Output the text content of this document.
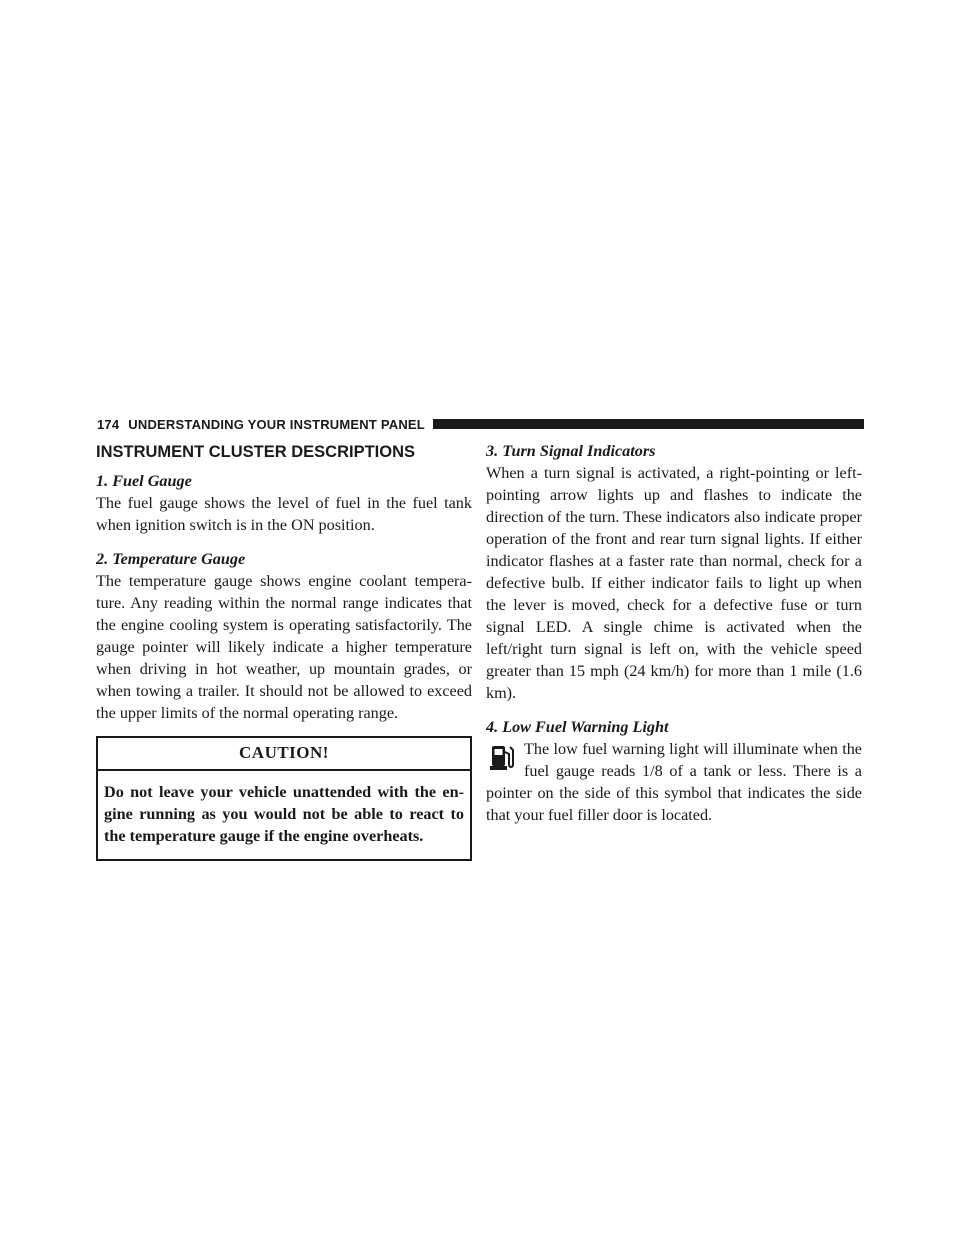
174 UNDERSTANDING YOUR INSTRUMENT PANEL
INSTRUMENT CLUSTER DESCRIPTIONS
1. Fuel Gauge

The fuel gauge shows the level of fuel in the fuel tank when ignition switch is in the ON position.

2. Temperature Gauge

The temperature gauge shows engine coolant tempera-ture. Any reading within the normal range indicates that the engine cooling system is operating satisfactorily. The gauge pointer will likely indicate a higher temperature when driving in hot weather, up mountain grades, or when towing a trailer. It should not be allowed to exceed the upper limits of the normal operating range.

CAUTION!
Do not leave your vehicle unattended with the en-gine running as you would not be able to react to the temperature gauge if the engine overheats.
3. Turn Signal Indicators

When a turn signal is activated, a right-pointing or left-pointing arrow lights up and flashes to indicate the direction of the turn. These indicators also indicate proper operation of the front and rear turn signal lights. If either indicator flashes at a faster rate than normal, check for a defective bulb. If either indicator fails to light up when the lever is moved, check for a defective fuse or turn signal LED. A single chime is activated when the left/right turn signal is left on, with the vehicle speed greater than 15 mph (24 km/h) for more than 1 mile (1.6 km).

4. Low Fuel Warning Light

The low fuel warning light will illuminate when the fuel gauge reads 1/8 of a tank or less. There is a pointer on the side of this symbol that indicates the side that your fuel filler door is located.
